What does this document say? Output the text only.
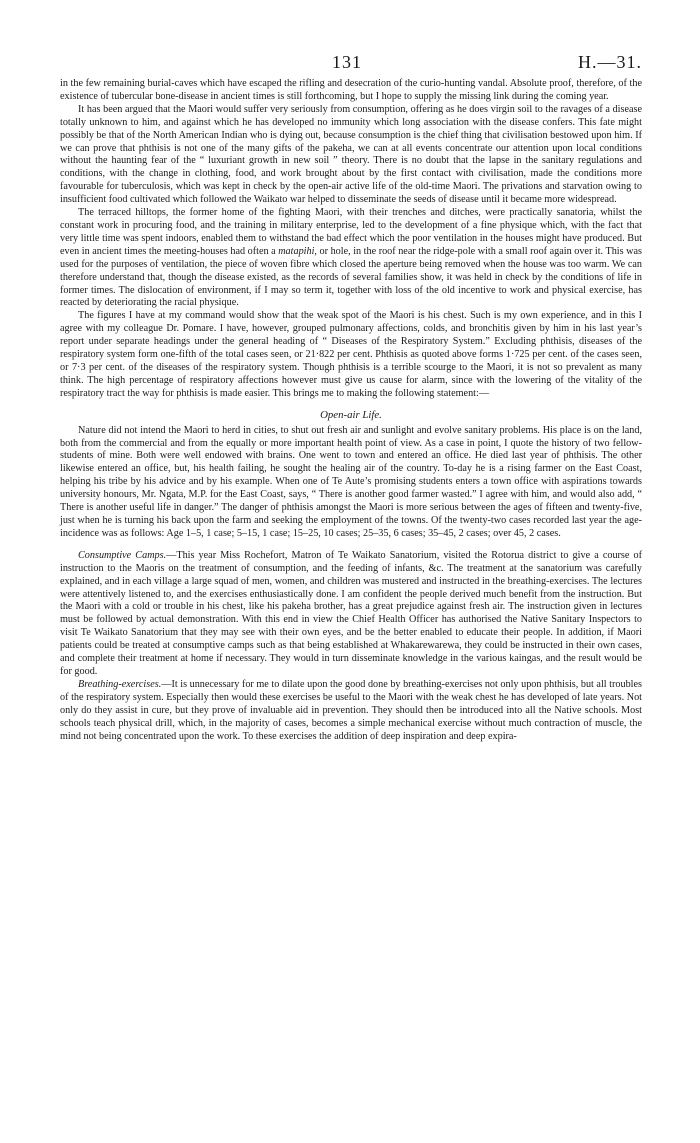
131	H.—31.

in the few remaining burial-caves which have escaped the rifling and desecration of the curio-hunting vandal. Absolute proof, therefore, of the existence of tubercular bone-disease in ancient times is still forthcoming, but I hope to supply the missing link during the coming year.

It has been argued that the Maori would suffer very seriously from consumption, offering as he does virgin soil to the ravages of a disease totally unknown to him, and against which he has developed no immunity which long association with the disease confers. This fate might possibly be that of the North American Indian who is dying out, because consumption is the chief thing that civilisation bestowed upon him. If we can prove that phthisis is not one of the many gifts of the pakeha, we can at all events concentrate our attention upon local conditions without the haunting fear of the “ luxuriant growth in new soil ” theory. There is no doubt that the lapse in the sanitary regulations and conditions, with the change in clothing, food, and work brought about by the first contact with civilisation, made the conditions more favourable for tuberculosis, which was kept in check by the open-air active life of the old-time Maori. The privations and starvation owing to insufficient food cultivated which followed the Waikato war helped to disseminate the seeds of disease until it became more widespread.

The terraced hilltops, the former home of the fighting Maori, with their trenches and ditches, were practically sanatoria, whilst the constant work in procuring food, and the training in military enterprise, led to the development of a fine physique which, with the fact that very little time was spent indoors, enabled them to withstand the bad effect which the poor ventilation in the houses might have produced. But even in ancient times the meeting-houses had often a matapihi, or hole, in the roof near the ridge-pole with a small roof again over it. This was used for the purposes of ventilation, the piece of woven fibre which closed the aperture being removed when the house was too warm. We can therefore understand that, though the disease existed, as the records of several families show, it was held in check by the conditions of life in former times. The dislocation of environment, if I may so term it, together with loss of the old incentive to work and physical exercise, has reacted by deteriorating the racial physique.

The figures I have at my command would show that the weak spot of the Maori is his chest. Such is my own experience, and in this I agree with my colleague Dr. Pomare. I have, however, grouped pulmonary affections, colds, and bronchitis given by him in his last year’s report under separate headings under the general heading of “ Diseases of the Respiratory System.” Excluding phthisis, diseases of the respiratory system form one-fifth of the total cases seen, or 21·822 per cent. Phthisis as quoted above forms 1·725 per cent. of the cases seen, or 7·3 per cent. of the diseases of the respiratory system. Though phthisis is a terrible scourge to the Maori, it is not so prevalent as many think. The high percentage of respiratory affections however must give us cause for alarm, since with the lowering of the vitality of the respiratory tract the way for phthisis is made easier. This brings me to making the following statement:—

Open-air Life.

Nature did not intend the Maori to herd in cities, to shut out fresh air and sunlight and evolve sanitary problems. His place is on the land, both from the commercial and from the equally or more important health point of view. As a case in point, I quote the history of two fellow-students of mine. Both were well endowed with brains. One went to town and entered an office. He died last year of phthisis. The other likewise entered an office, but, his health failing, he sought the healing air of the country. To-day he is a rising farmer on the East Coast, helping his tribe by his advice and by his example. When one of Te Aute’s promising students enters a town office with aspirations towards university honours, Mr. Ngata, M.P. for the East Coast, says, “ There is another good farmer wasted.” I agree with him, and would also add, “ There is another useful life in danger.” The danger of phthisis amongst the Maori is more serious between the ages of fifteen and twenty-five, just when he is turning his back upon the farm and seeking the employment of the towns. Of the twenty-two cases recorded last year the age-incidence was as follows: Age 1–5, 1 case; 5–15, 1 case; 15–25, 10 cases; 25–35, 6 cases; 35–45, 2 cases; over 45, 2 cases.

Consumptive Camps.—This year Miss Rochefort, Matron of Te Waikato Sanatorium, visited the Rotorua district to give a course of instruction to the Maoris on the treatment of consumption, and the feeding of infants, &c. The treatment at the sanatorium was carefully explained, and in each village a large squad of men, women, and children was mustered and instructed in the breathing-exercises. The lectures were attentively listened to, and the exercises enthusiastically done. I am confident the people derived much benefit from the instruction. But the Maori with a cold or trouble in his chest, like his pakeha brother, has a great prejudice against fresh air. The instruction given in lectures must be followed by actual demonstration. With this end in view the Chief Health Officer has authorised the Native Sanitary Inspectors to visit Te Waikato Sanatorium that they may see with their own eyes, and be the better enabled to educate their people. In addition, if Maori patients could be treated at consumptive camps such as that being established at Whakarewarewa, they could be instructed in their own cases, and complete their treatment at home if necessary. They would in turn disseminate knowledge in the various kaingas, and the result would be for good.

Breathing-exercises.—It is unnecessary for me to dilate upon the good done by breathing-exercises not only upon phthisis, but all troubles of the respiratory system. Especially then would these exercises be useful to the Maori with the weak chest he has developed of late years. Not only do they assist in cure, but they prove of invaluable aid in prevention. They should then be introduced into all the Native schools. Most schools teach physical drill, which, in the majority of cases, becomes a simple mechanical exercise without much contraction of muscle, the mind not being concentrated upon the work. To these exercises the addition of deep inspiration and deep expira-
